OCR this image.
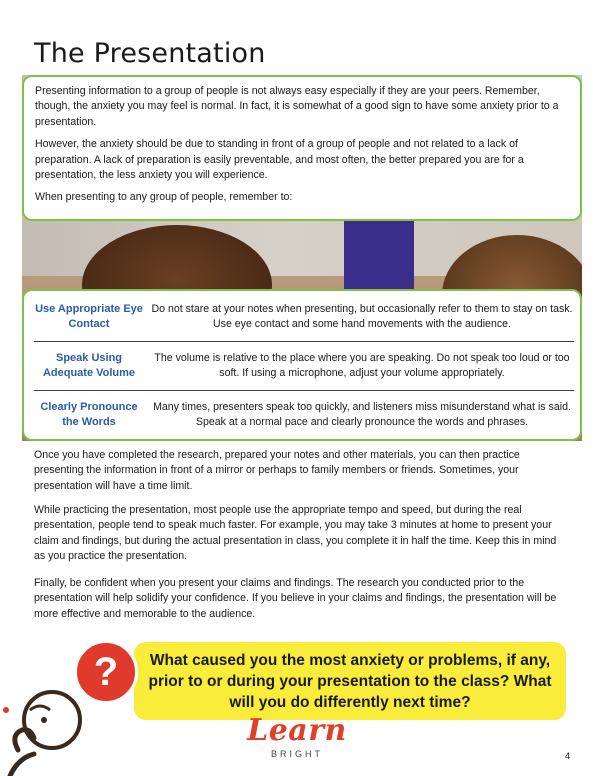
The Presentation

Presenting information to a group of people is not always easy especially if they are your peers. Remember, though, the anxiety you may feel is normal. In fact, it is somewhat of a good sign to have some anxiety prior to a presentation.

However, the anxiety should be due to standing in front of a group of people and not related to a lack of preparation. A lack of preparation is easily preventable, and most often, the better prepared you are for a presentation, the less anxiety you will experience.

When presenting to any group of people, remember to:

Use Appropriate Eye Contact
Do not stare at your notes when presenting, but occasionally refer to them to stay on task. Use eye contact and some hand movements with the audience.
Speak Using Adequate Volume
The volume is relative to the place where you are speaking. Do not speak too loud or too soft. If using a microphone, adjust your volume appropriately.
Clearly Pronounce the Words
Many times, presenters speak too quickly, and listeners miss misunderstand what is said. Speak at a normal pace and clearly pronounce the words and phrases.

Once you have completed the research, prepared your notes and other materials, you can then practice presenting the information in front of a mirror or perhaps to family members or friends. Sometimes, your presentation will have a time limit.

While practicing the presentation, most people use the appropriate tempo and speed, but during the real presentation, people tend to speak much faster. For example, you may take 3 minutes at home to present your claim and findings, but during the actual presentation in class, you complete it in half the time. Keep this in mind as you practice the presentation.

Finally, be confident when you present your claims and findings. The research you conducted prior to the presentation will help solidify your confidence. If you believe in your claims and findings, the presentation will be more effective and memorable to the audience.

What caused you the most anxiety or problems, if any, prior to or during your presentation to the class? What will you do differently next time?
?
Learn
BRIGHT	4
